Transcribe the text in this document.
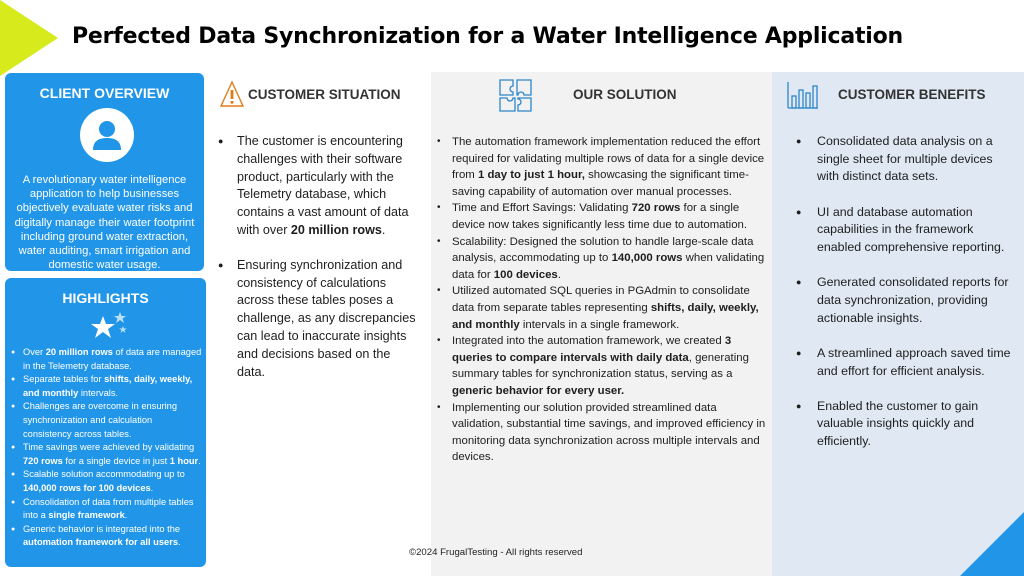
Perfected Data Synchronization for a Water Intelligence Application
CLIENT OVERVIEW
A revolutionary water intelligence application to help businesses objectively evaluate water risks and digitally manage their water footprint including ground water extraction, water auditing, smart irrigation and domestic water usage.
HIGHLIGHTS
● Over 20 million rows of data are managed in the Telemetry database.
● Separate tables for shifts, daily, weekly, and monthly intervals.
● Challenges are overcome in ensuring synchronization and calculation consistency across tables.
● Time savings were achieved by validating 720 rows for a single device in just 1 hour.
● Scalable solution accommodating up to 140,000 rows for 100 devices.
● Consolidation of data from multiple tables into a single framework.
● Generic behavior is integrated into the automation framework for all users.
CUSTOMER SITUATION
● The customer is encountering challenges with their software product, particularly with the Telemetry database, which contains a vast amount of data with over 20 million rows.
● Ensuring synchronization and consistency of calculations across these tables poses a challenge, as any discrepancies can lead to inaccurate insights and decisions based on the data.
OUR SOLUTION
• The automation framework implementation reduced the effort required for validating multiple rows of data for a single device from 1 day to just 1 hour, showcasing the significant time-saving capability of automation over manual processes.
• Time and Effort Savings: Validating 720 rows for a single device now takes significantly less time due to automation.
• Scalability: Designed the solution to handle large-scale data analysis, accommodating up to 140,000 rows when validating data for 100 devices.
• Utilized automated SQL queries in PGAdmin to consolidate data from separate tables representing shifts, daily, weekly, and monthly intervals in a single framework.
• Integrated into the automation framework, we created 3 queries to compare intervals with daily data, generating summary tables for synchronization status, serving as a generic behavior for every user.
• Implementing our solution provided streamlined data validation, substantial time savings, and improved efficiency in monitoring data synchronization across multiple intervals and devices.
CUSTOMER BENEFITS
● Consolidated data analysis on a single sheet for multiple devices with distinct data sets.
● UI and database automation capabilities in the framework enabled comprehensive reporting.
● Generated consolidated reports for data synchronization, providing actionable insights.
● A streamlined approach saved time and effort for efficient analysis.
● Enabled the customer to gain valuable insights quickly and efficiently.
©2024 FrugalTesting - All rights reserved
